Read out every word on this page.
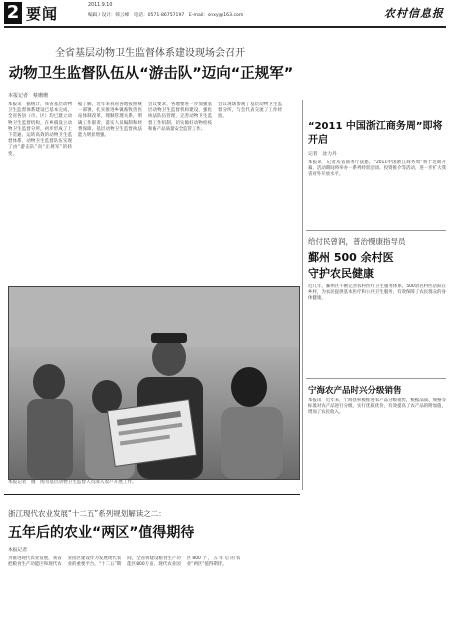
2 要闻	2011.9.10
编辑 / 设计：韩云峰　电话：0571-86757197　E-mail：snxy@163.com	农村信息报
全省基层动物卫生监督体系建设现场会召开
动物卫生监督队伍从“游击队”迈向“正规军”
本报记者　蔡珊珊
本报讯　据统计，我省基层动物卫生监督体系建设已基本完成，全省各县（市、区）均已建立动物卫生监督机构，在乡镇设立动物卫生监督分所，初步形成了上下贯通、运转高效的动物卫生监督体系，动物卫生监督队伍实现了由“游击队”向“正规军”的转变。
据了解，近年来我省各地按照统一部署，扎实推进乡镇畜牧兽医站体制改革，理顺管理关系，明确工作职责，落实人员编制和经费保障，基层动物卫生监督执法能力明显增强。
会议要求，各地要进一步加强基层动物卫生监督机构建设，强化执法队伍管理，完善动物卫生监督工作机制，切实做好动物检疫和畜产品质量安全监管工作。
会议现场参观了基层动物卫生监督分所，与会代表交流了工作经验。
本报记者　摄　图为基层动物卫生监督人员深入农户开展工作。
“2011 中国浙江商务周”即将开启
记者　沈力丹
本报讯　记者从省商务厅获悉，“2011中国浙江商务周”将于近期开幕，活动期间将举办一系列经贸洽谈、投资推介等活动，进一步扩大我省对外开放水平。
给付民曾润，普治慢康指导员
鄞州 500 余村医
守护农民健康
近几年，鄞州区不断完善农村医疗卫生服务体系，500余名村医活跃在乡村，为农民提供基本医疗和公共卫生服务，有效保障了农民群众的身体健康。
宁海农产品时兴分级销售
本报讯　近年来，宁海县积极推进农产品分级销售，根据品质、规格等标准对农产品进行分级，实行优质优价，有效提高了农产品的附加值，增加了农民收入。
浙江现代农业发展“十二五”系列规划解读之二：
五年后的农业“两区”值得期待
本报记者
为推进现代农业发展，我省把粮食生产功能区和现代农业园区建设作为发展现代农业的重要平台。“十二五”期间，全省将建设粮食生产功能区800万亩、现代农业园区800个，五年后的农业“两区”值得期待。
